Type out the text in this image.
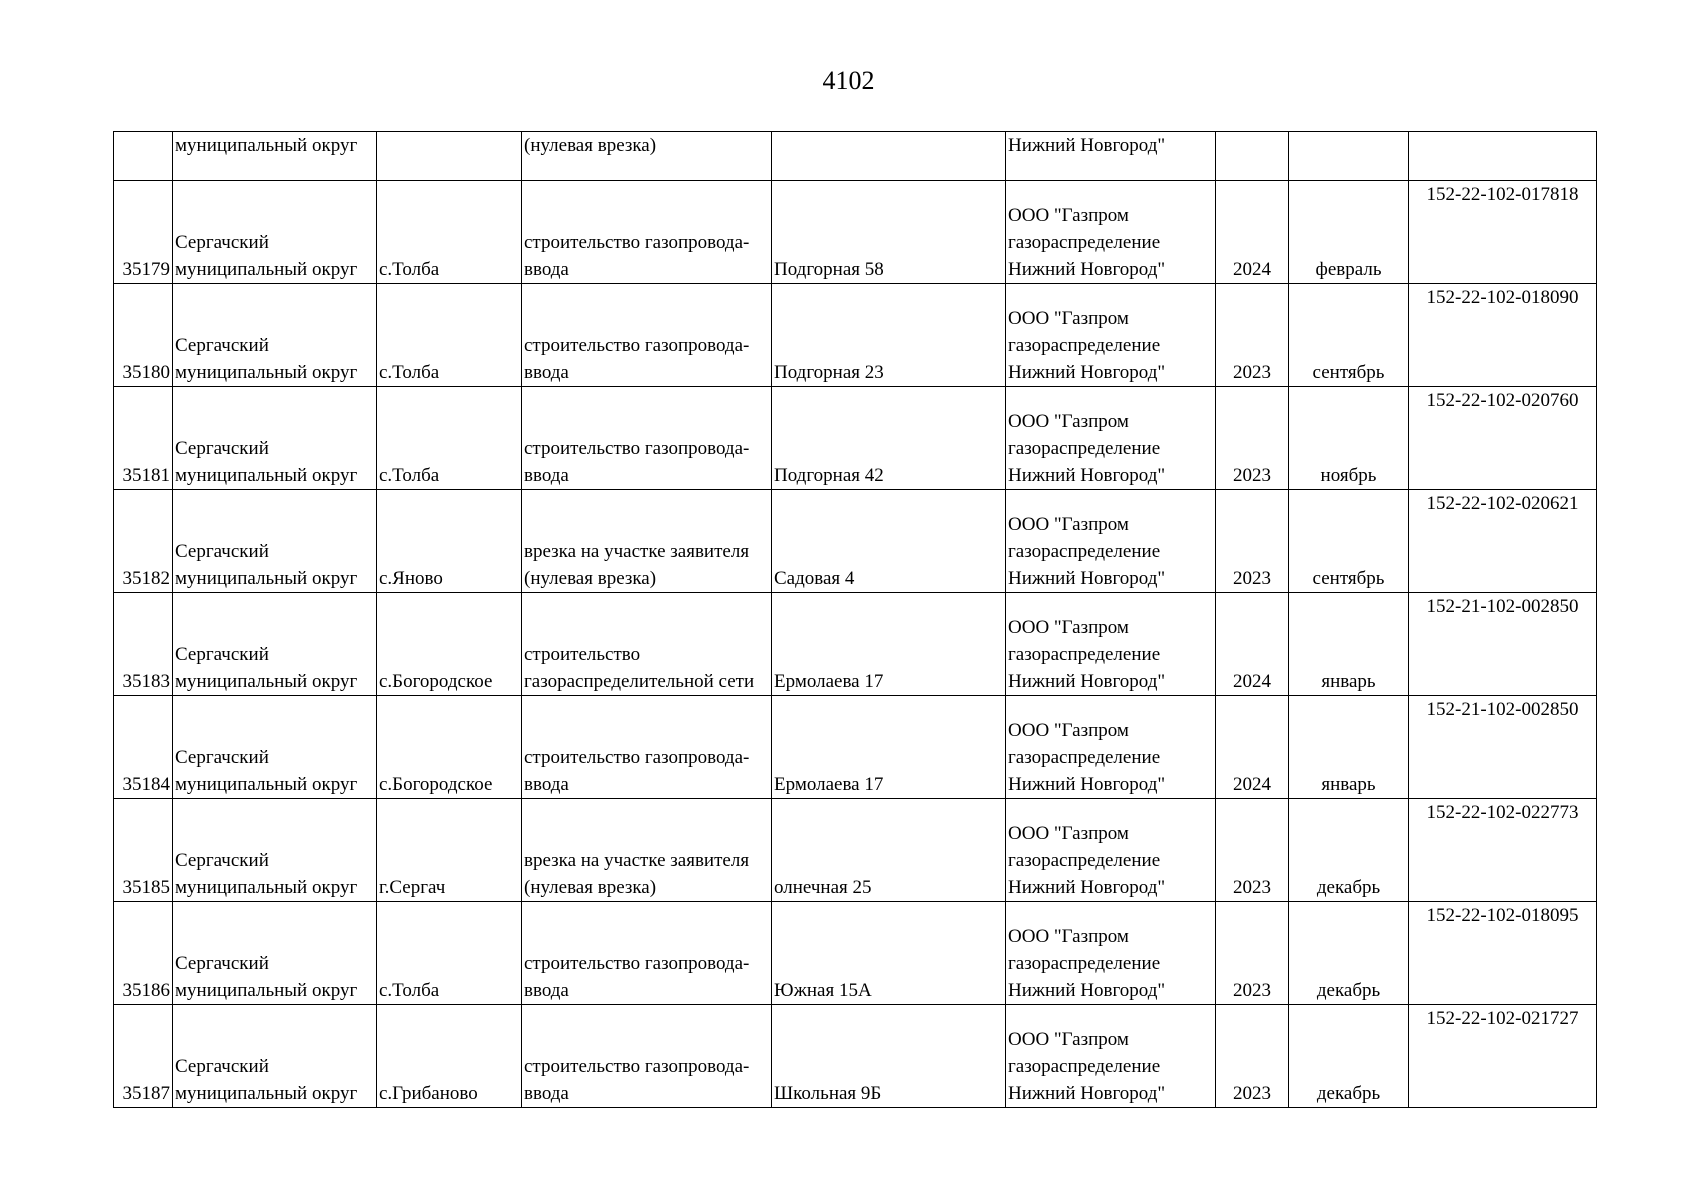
4102
	муниципальный округ		(нулевая врезка)		Нижний Новгород"			
35179	Сергачский
муниципальный округ	с.Толба	строительство газопровода-
ввода	Подгорная 58	ООО "Газпром
газораспределение
Нижний Новгород"	2024	февраль	152-22-102-017818
35180	Сергачский
муниципальный округ	с.Толба	строительство газопровода-
ввода	Подгорная 23	ООО "Газпром
газораспределение
Нижний Новгород"	2023	сентябрь	152-22-102-018090
35181	Сергачский
муниципальный округ	с.Толба	строительство газопровода-
ввода	Подгорная 42	ООО "Газпром
газораспределение
Нижний Новгород"	2023	ноябрь	152-22-102-020760
35182	Сергачский
муниципальный округ	с.Яново	врезка на участке заявителя
(нулевая врезка)	Садовая 4	ООО "Газпром
газораспределение
Нижний Новгород"	2023	сентябрь	152-22-102-020621
35183	Сергачский
муниципальный округ	с.Богородское	строительство
газораспределительной сети	Ермолаева 17	ООО "Газпром
газораспределение
Нижний Новгород"	2024	январь	152-21-102-002850
35184	Сергачский
муниципальный округ	с.Богородское	строительство газопровода-
ввода	Ермолаева 17	ООО "Газпром
газораспределение
Нижний Новгород"	2024	январь	152-21-102-002850
35185	Сергачский
муниципальный округ	г.Сергач	врезка на участке заявителя
(нулевая врезка)	олнечная 25	ООО "Газпром
газораспределение
Нижний Новгород"	2023	декабрь	152-22-102-022773
35186	Сергачский
муниципальный округ	с.Толба	строительство газопровода-
ввода	Южная 15А	ООО "Газпром
газораспределение
Нижний Новгород"	2023	декабрь	152-22-102-018095
35187	Сергачский
муниципальный округ	с.Грибаново	строительство газопровода-
ввода	Школьная 9Б	ООО "Газпром
газораспределение
Нижний Новгород"	2023	декабрь	152-22-102-021727
